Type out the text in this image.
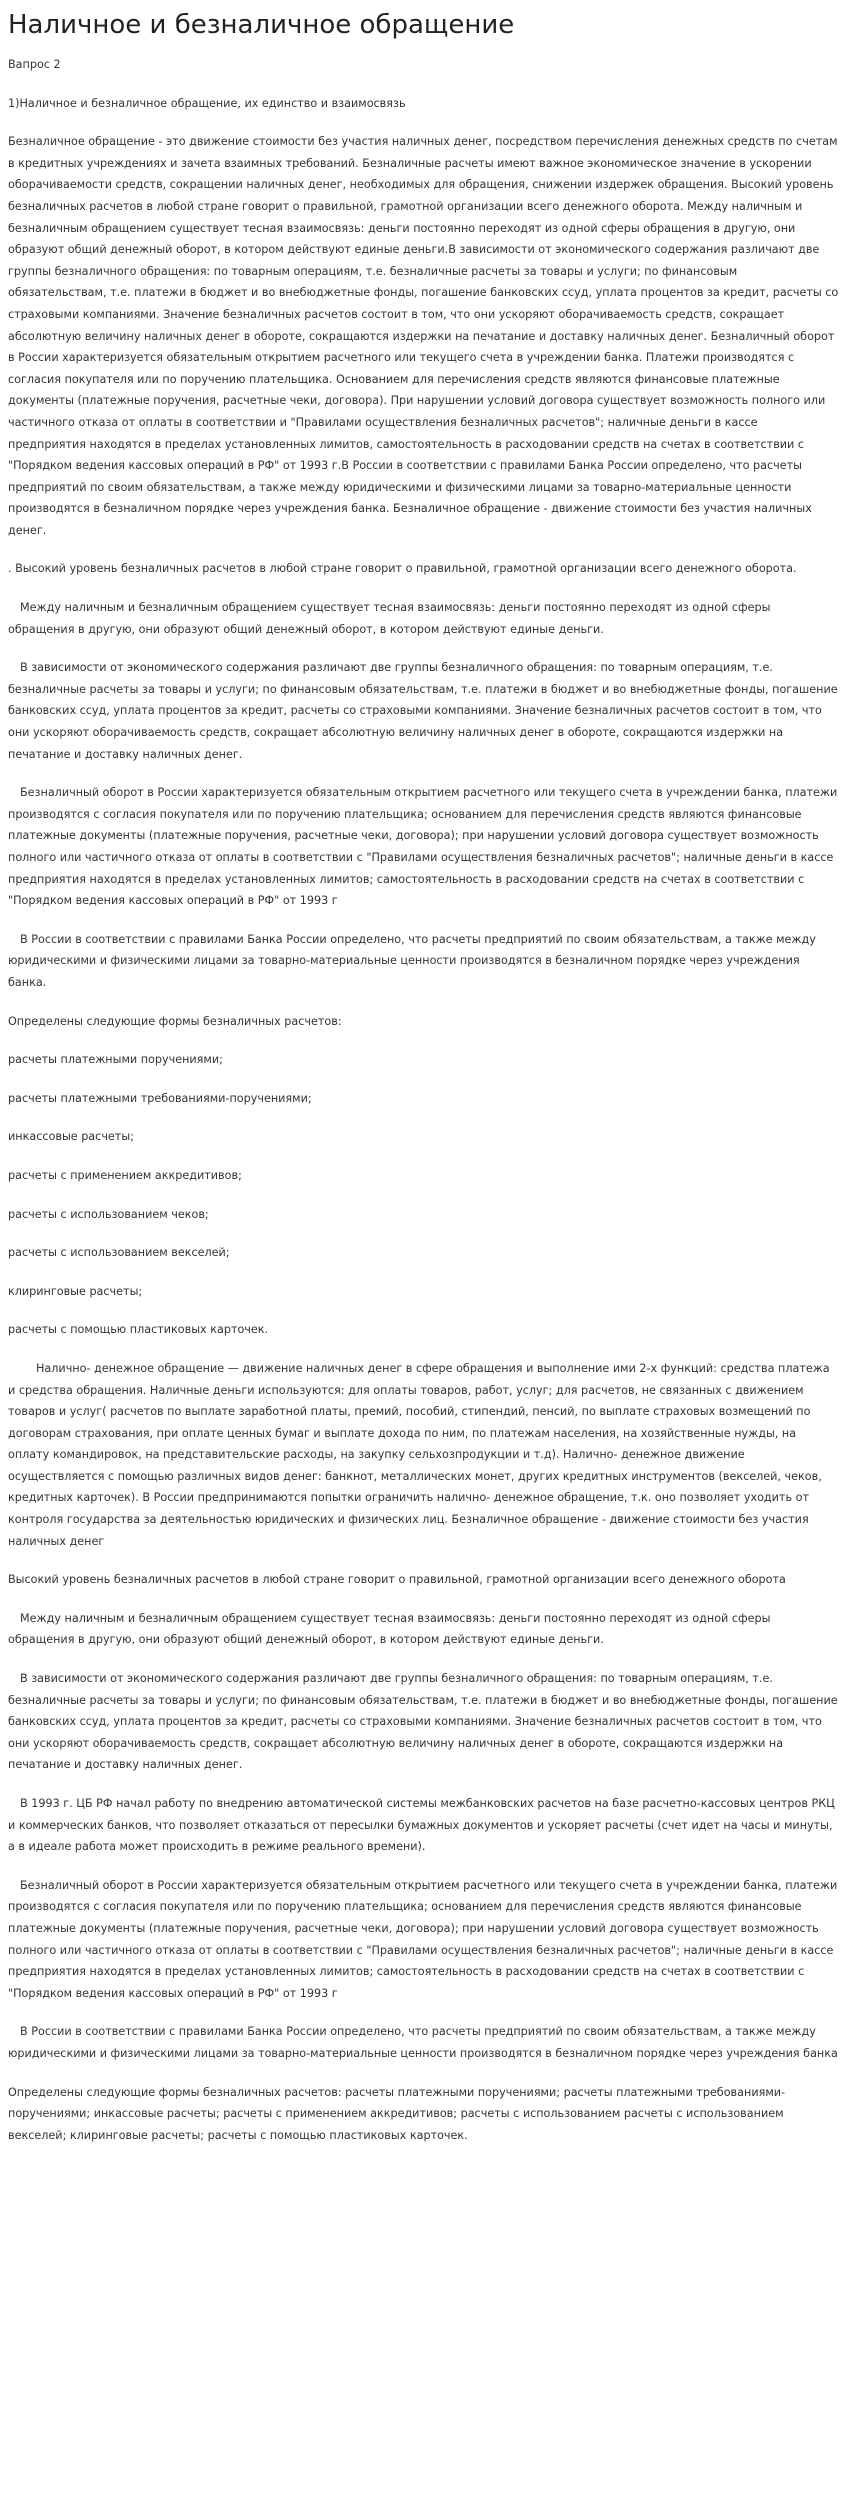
Наличное и безналичное обращение

Вапрос 2

1)Наличное и безналичное обращение, их единство и взаимосвязь

Безналичное обращение - это движение стоимости без участия наличных денег, посредством перечисления денежных средств по счетам в кредитных учреждениях и зачета взаимных требований. Безналичные расчеты имеют важное экономическое значение в ускорении оборачиваемости средств, сокращении наличных денег, необходимых для обращения, снижении издержек обращения. Высокий уровень безналичных расчетов в любой стране говорит о правильной, грамотной организации всего денежного оборота. Между наличным и безналичным обращением существует тесная взаимосвязь: деньги постоянно переходят из одной сферы обращения в другую, они образуют общий денежный оборот, в котором действуют единые деньги.В зависимости от экономического содержания различают две группы безналичного обращения: по товарным операциям, т.е. безналичные расчеты за товары и услуги; по финансовым обязательствам, т.е. платежи в бюджет и во внебюджетные фонды, погашение банковских ссуд, уплата процентов за кредит, расчеты со страховыми компаниями. Значение безналичных расчетов состоит в том, что они ускоряют оборачиваемость средств, сокращает абсолютную величину наличных денег в обороте, сокращаются издержки на печатание и доставку наличных денег. Безналичный оборот в России характеризуется обязательным открытием расчетного или текущего счета в учреждении банка. Платежи производятся с согласия покупателя или по поручению плательщика. Основанием для перечисления средств являются финансовые платежные документы (платежные поручения, расчетные чеки, договора). При нарушении условий договора существует возможность полного или частичного отказа от оплаты в соответствии и "Правилами осуществления безналичных расчетов"; наличные деньги в кассе предприятия находятся в пределах установленных лимитов, самостоятельность в расходовании средств на счетах в соответствии с "Порядком ведения кассовых операций в РФ" от 1993 г.В России в соответствии с правилами Банка России определено, что расчеты предприятий по своим обязательствам, а также между юридическими и физическими лицами за товарно-материальные ценности производятся в безналичном порядке через учреждения банка. Безналичное обращение - движение стоимости без участия наличных денег.

. Высокий уровень безналичных расчетов в любой стране говорит о правильной, грамотной организации всего денежного оборота.

Между наличным и безналичным обращением существует тесная взаимосвязь: деньги постоянно переходят из одной сферы обращения в другую, они образуют общий денежный оборот, в котором действуют единые деньги.

В зависимости от экономического содержания различают две группы безналичного обращения: по товарным операциям, т.е. безналичные расчеты за товары и услуги; по финансовым обязательствам, т.е. платежи в бюджет и во внебюджетные фонды, погашение банковских ссуд, уплата процентов за кредит, расчеты со страховыми компаниями. Значение безналичных расчетов состоит в том, что они ускоряют оборачиваемость средств, сокращает абсолютную величину наличных денег в обороте, сокращаются издержки на печатание и доставку наличных денег.

Безналичный оборот в России характеризуется обязательным открытием расчетного или текущего счета в учреждении банка, платежи производятся с согласия покупателя или по поручению плательщика; основанием для перечисления средств являются финансовые платежные документы (платежные поручения, расчетные чеки, договора); при нарушении условий договора существует возможность полного или частичного отказа от оплаты в соответствии с "Правилами осуществления безналичных расчетов"; наличные деньги в кассе предприятия находятся в пределах установленных лимитов; самостоятельность в расходовании средств на счетах в соответствии с "Порядком ведения кассовых операций в РФ" от 1993 г

В России в соответствии с правилами Банка России определено, что расчеты предприятий по своим обязательствам, а также между юридическими и физическими лицами за товарно-материальные ценности производятся в безналичном порядке через учреждения банка.

Определены следующие формы безналичных расчетов:

расчеты платежными поручениями;

расчеты платежными требованиями-поручениями;

инкассовые расчеты;

расчеты с применением аккредитивов;

расчеты с использованием чеков;

расчеты с использованием векселей;

клиринговые расчеты;

расчеты с помощью пластиковых карточек.

Налично- денежное обращение — движение наличных денег в сфере обращения и выполнение ими 2-х функций: средства платежа и средства обращения. Наличные деньги используются: для оплаты товаров, работ, услуг; для расчетов, не связанных с движением товаров и услуг( расчетов по выплате заработной платы, премий, пособий, стипендий, пенсий, по выплате страховых возмещений по договорам страхования, при оплате ценных бумаг и выплате дохода по ним, по платежам населения, на хозяйственные нужды, на оплату командировок, на представительские расходы, на закупку сельхозпродукции и т.д). Налично- денежное движение осуществляется с помощью различных видов денег: банкнот, металлических монет, других кредитных инструментов (векселей, чеков, кредитных карточек). В России предпринимаются попытки ограничить налично- денежное обращение, т.к. оно позволяет уходить от контроля государства за деятельностью юридических и физических лиц. Безналичное обращение - движение стоимости без участия наличных денег

Высокий уровень безналичных расчетов в любой стране говорит о правильной, грамотной организации всего денежного оборота

Между наличным и безналичным обращением существует тесная взаимосвязь: деньги постоянно переходят из одной сферы обращения в другую, они образуют общий денежный оборот, в котором действуют единые деньги.

В зависимости от экономического содержания различают две группы безналичного обращения: по товарным операциям, т.е. безналичные расчеты за товары и услуги; по финансовым обязательствам, т.е. платежи в бюджет и во внебюджетные фонды, погашение банковских ссуд, уплата процентов за кредит, расчеты со страховыми компаниями. Значение безналичных расчетов состоит в том, что они ускоряют оборачиваемость средств, сокращает абсолютную величину наличных денег в обороте, сокращаются издержки на печатание и доставку наличных денег.

В 1993 г. ЦБ РФ начал работу по внедрению автоматической системы межбанковских расчетов на базе расчетно-кассовых центров РКЦ и коммерческих банков, что позволяет отказаться от пересылки бумажных документов и ускоряет расчеты (счет идет на часы и минуты, а в идеале работа может происходить в режиме реального времени).

Безналичный оборот в России характеризуется обязательным открытием расчетного или текущего счета в учреждении банка, платежи производятся с согласия покупателя или по поручению плательщика; основанием для перечисления средств являются финансовые платежные документы (платежные поручения, расчетные чеки, договора); при нарушении условий договора существует возможность полного или частичного отказа от оплаты в соответствии с "Правилами осуществления безналичных расчетов"; наличные деньги в кассе предприятия находятся в пределах установленных лимитов; самостоятельность в расходовании средств на счетах в соответствии с "Порядком ведения кассовых операций в РФ" от 1993 г

В России в соответствии с правилами Банка России определено, что расчеты предприятий по своим обязательствам, а также между юридическими и физическими лицами за товарно-материальные ценности производятся в безналичном порядке через учреждения банка

Определены следующие формы безналичных расчетов: расчеты платежными поручениями; расчеты платежными требованиями-поручениями; инкассовые расчеты; расчеты с применением аккредитивов; расчеты с использованием расчеты с использованием векселей; клиринговые расчеты; расчеты с помощью пластиковых карточек.
